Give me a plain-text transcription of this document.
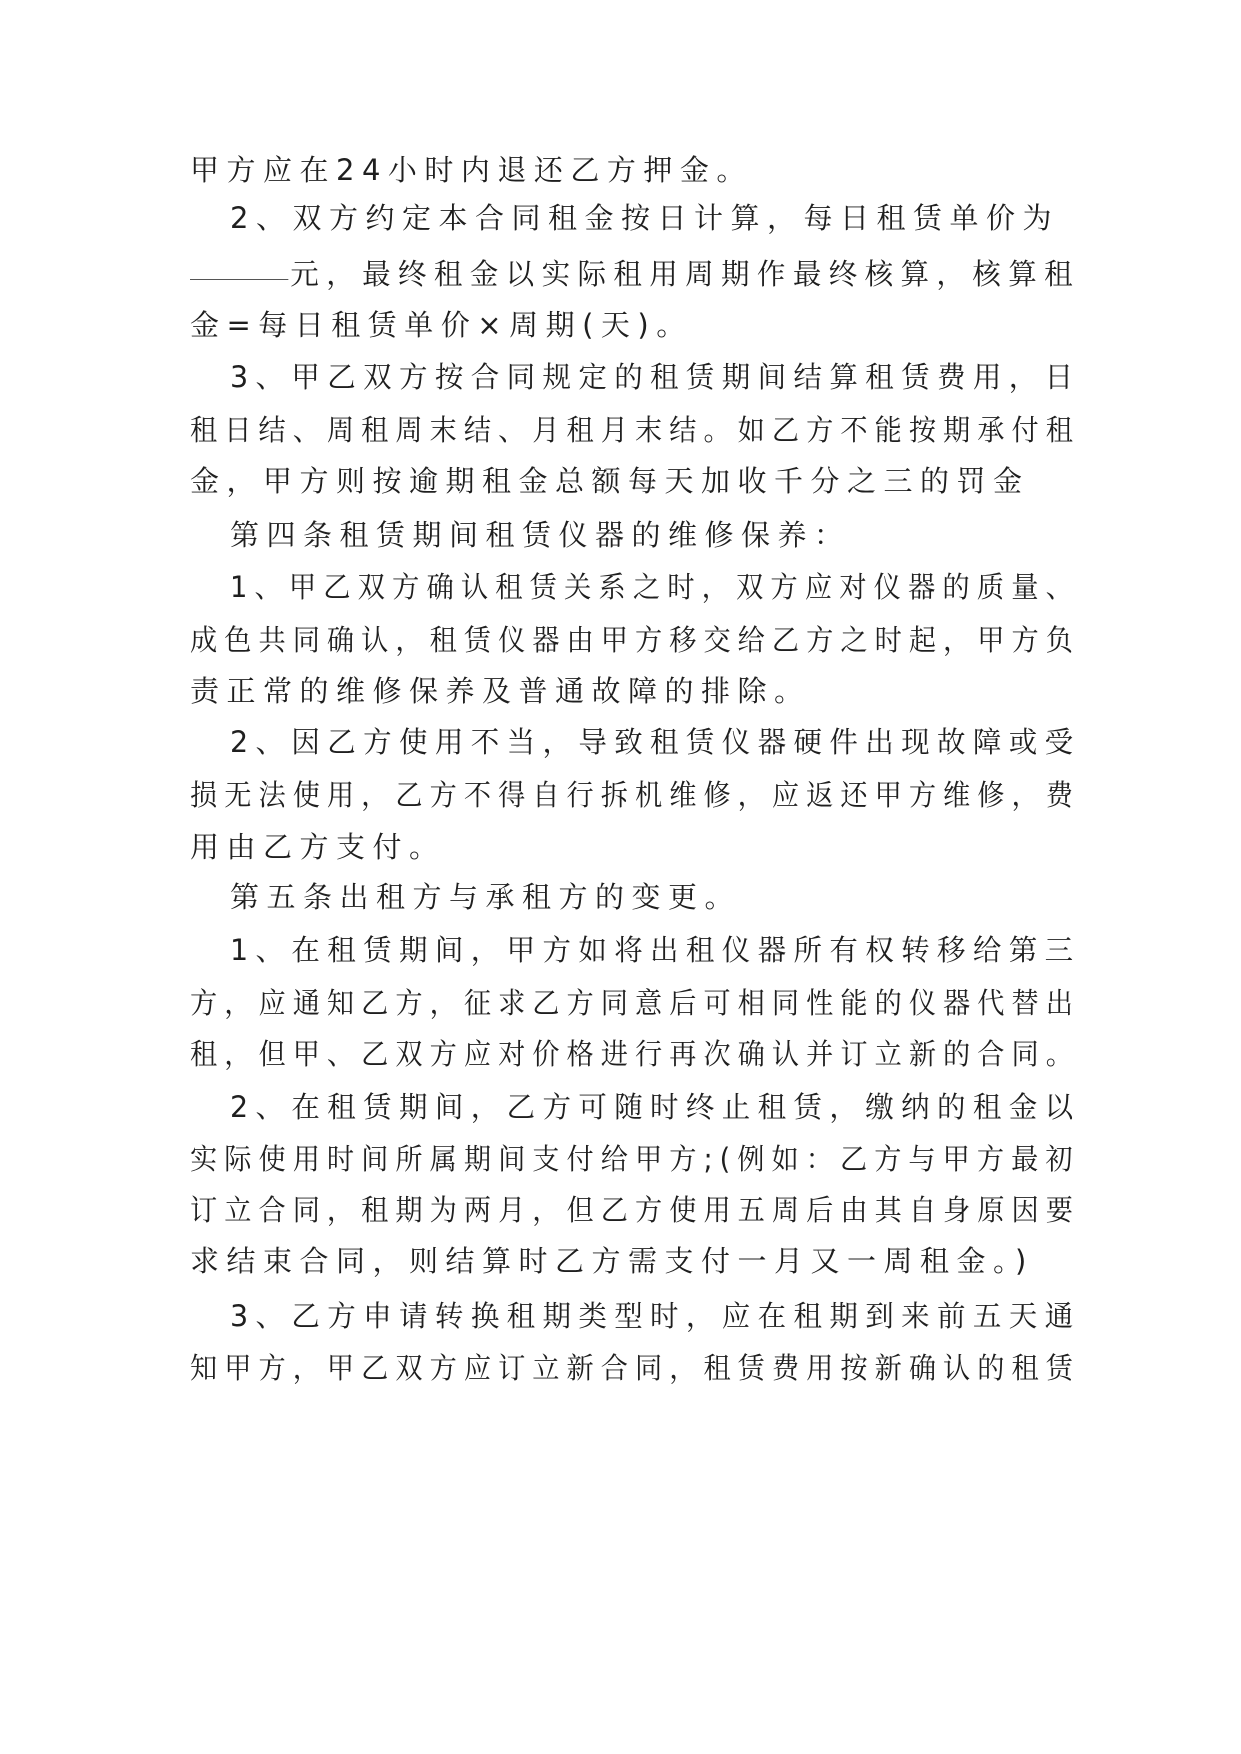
甲方应在24小时内退还乙方押金。
2、双方约定本合同租金按日计算，每日租赁单价为
元，最终租金以实际租用周期作最终核算，核算租
金=每日租赁单价×周期(天)。
3、甲乙双方按合同规定的租赁期间结算租赁费用，日
租日结、周租周末结、月租月末结。如乙方不能按期承付租
金，甲方则按逾期租金总额每天加收千分之三的罚金
第四条租赁期间租赁仪器的维修保养：
1、甲乙双方确认租赁关系之时，双方应对仪器的质量、
成色共同确认，租赁仪器由甲方移交给乙方之时起，甲方负
责正常的维修保养及普通故障的排除。
2、因乙方使用不当，导致租赁仪器硬件出现故障或受
损无法使用，乙方不得自行拆机维修，应返还甲方维修，费
用由乙方支付。
第五条出租方与承租方的变更。
1、在租赁期间，甲方如将出租仪器所有权转移给第三
方，应通知乙方，征求乙方同意后可相同性能的仪器代替出
租，但甲、乙双方应对价格进行再次确认并订立新的合同。
2、在租赁期间，乙方可随时终止租赁，缴纳的租金以
实际使用时间所属期间支付给甲方;(例如：乙方与甲方最初
订立合同，租期为两月，但乙方使用五周后由其自身原因要
求结束合同，则结算时乙方需支付一月又一周租金。)
3、乙方申请转换租期类型时，应在租期到来前五天通
知甲方，甲乙双方应订立新合同，租赁费用按新确认的租赁
